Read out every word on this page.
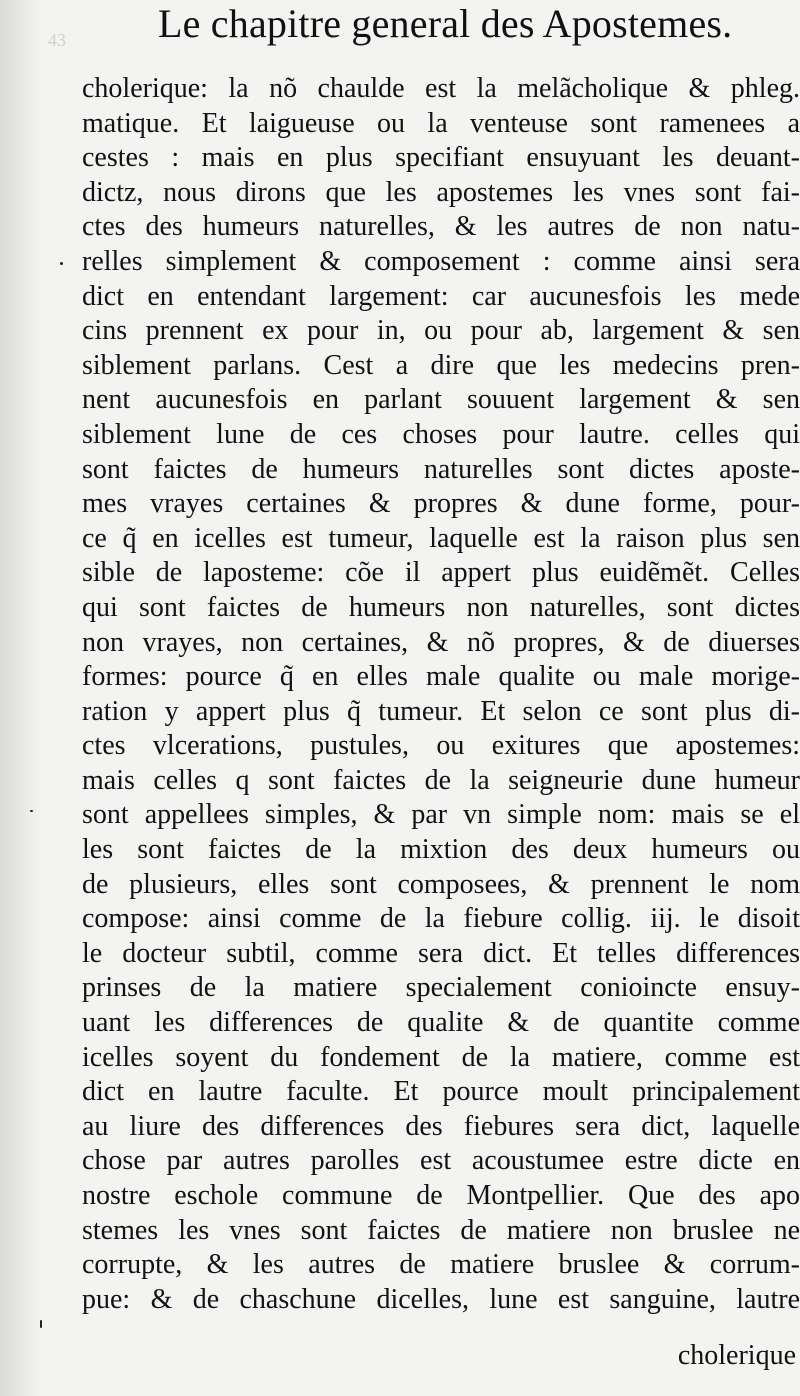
43 Le chapitre general des Apostemes.
cholerique: la nõ chaulde est la melãcholique & phleg.
matique. Et laigueuse ou la venteuse sont ramenees a
cestes : mais en plus specifiant ensuyuant les deuant-
dictz, nous dirons que les apostemes les vnes sont fai-
ctes des humeurs naturelles, & les autres de non natu-
relles simplement & composement : comme ainsi sera
dict en entendant largement: car aucunesfois les mede
cins prennent ex pour in, ou pour ab, largement & sen
siblement parlans. Cest a dire que les medecins pren-
nent aucunesfois en parlant souuent largement & sen
siblement lune de ces choses pour lautre. celles qui
sont faictes de humeurs naturelles sont dictes aposte-
mes vrayes certaines & propres & dune forme, pour-
ce q̃ en icelles est tumeur, laquelle est la raison plus sen
sible de laposteme: cõe il appert plus euidẽmẽt. Celles
qui sont faictes de humeurs non naturelles, sont dictes
non vrayes, non certaines, & nõ propres, & de diuerses
formes: pource q̃ en elles male qualite ou male morige-
ration y appert plus q̃ tumeur. Et selon ce sont plus di-
ctes vlcerations, pustules, ou exitures que apostemes:
mais celles q sont faictes de la seigneurie dune humeur
sont appellees simples, & par vn simple nom: mais se el
les sont faictes de la mixtion des deux humeurs ou
de plusieurs, elles sont composees, & prennent le nom
compose: ainsi comme de la fiebure collig. iij. le disoit
le docteur subtil, comme sera dict. Et telles differences
prinses de la matiere specialement conioincte ensuy-
uant les differences de qualite & de quantite comme
icelles soyent du fondement de la matiere, comme est
dict en lautre faculte. Et pource moult principalement
au liure des differences des fiebures sera dict, laquelle
chose par autres parolles est acoustumee estre dicte en
nostre eschole commune de Montpellier. Que des apo
stemes les vnes sont faictes de matiere non bruslee ne
corrupte, & les autres de matiere bruslee & corrum-
pue: & de chaschune dicelles, lune est sanguine, lautre
cholerique
